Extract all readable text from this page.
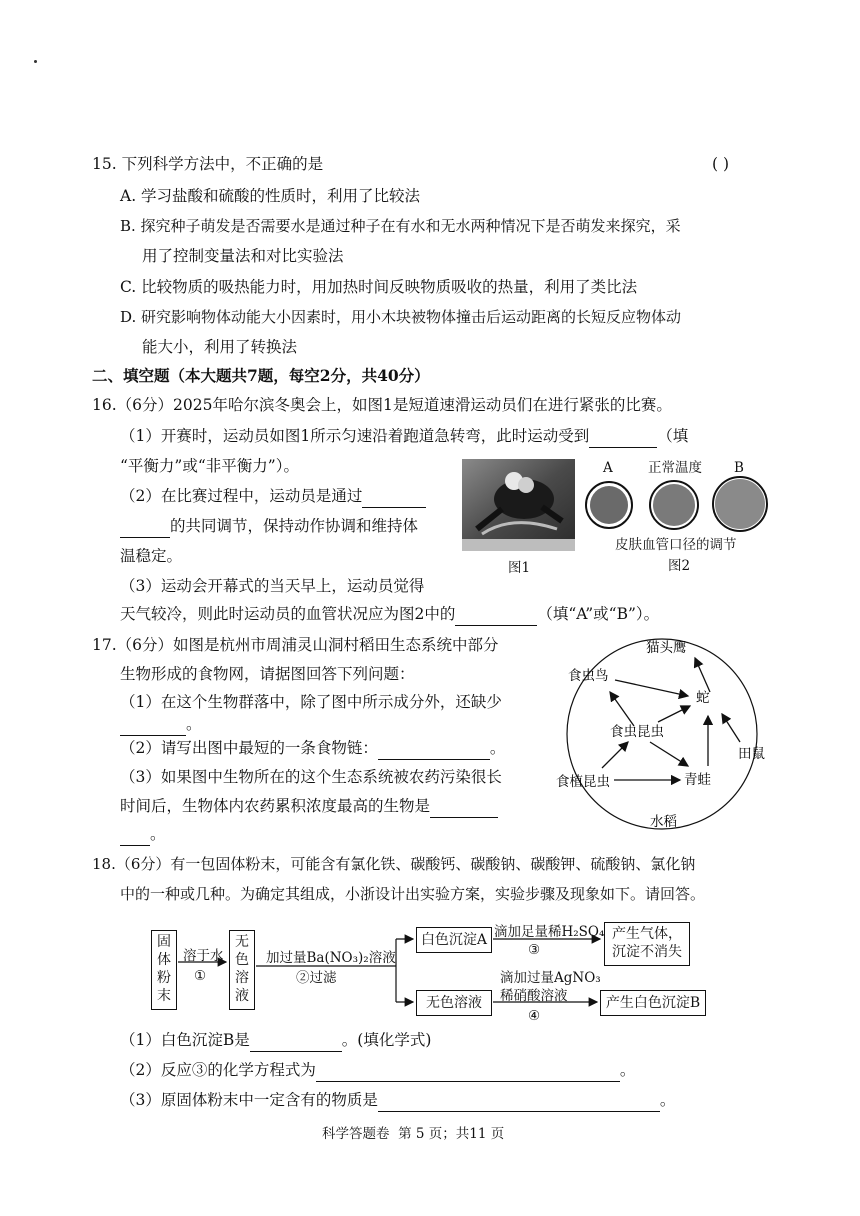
15. 下列科学方法中，不正确的是	( )
A. 学习盐酸和硫酸的性质时，利用了比较法
B. 探究种子萌发是否需要水是通过种子在有水和无水两种情况下是否萌发来探究，采
用了控制变量法和对比实验法
C. 比较物质的吸热能力时，用加热时间反映物质吸收的热量，利用了类比法
D. 研究影响物体动能大小因素时，用小木块被物体撞击后运动距离的长短反应物体动
能大小，利用了转换法
二、填空题（本大题共7题，每空2分，共40分）
16.（6分）2025年哈尔滨冬奥会上，如图1是短道速滑运动员们在进行紧张的比赛。
（1）开赛时，运动员如图1所示匀速沿着跑道急转弯，此时运动受到	（填
“平衡力”或“非平衡力”）。
（2）在比赛过程中，运动员是通过
的共同调节，保持动作协调和维持体
温稳定。
（3）运动会开幕式的当天早上，运动员觉得
天气较冷，则此时运动员的血管状况应为图2中的	（填“A”或“B”）。
图1
A	正常温度 B
皮肤血管口径的调节
图2
17.（6分）如图是杭州市周浦灵山洞村稻田生态系统中部分
生物形成的食物网，请据图回答下列问题：
（1）在这个生物群落中，除了图中所示成分外，还缺少
。
（2）请写出图中最短的一条食物链：	。
（3）如果图中生物所在的这个生态系统被农药污染很长
时间后，生物体内农药累积浓度最高的生物是
。
猫头鹰
食虫鸟
蛇
食虫昆虫
田鼠
食植昆虫	青蛙
水稻
18.（6分）有一包固体粉末，可能含有氯化铁、碳酸钙、碳酸钠、碳酸钾、硫酸钠、氯化钠
中的一种或几种。为确定其组成，小浙设计出实验方案，实验步骤及现象如下。请回答。
固
体
粉
末
溶于水
①
无
色
溶
液
加过量Ba(NO₃)₂溶液
②过滤
白色沉淀A 滴加足量稀H₂SO₄
③
产生气体，
沉淀不消失
无色溶液
滴加过量AgNO₃
稀硝酸溶液
④
产生白色沉淀B
（1）白色沉淀B是	。(填化学式)
（2）反应③的化学方程式为	。
（3）原固体粉末中一定含有的物质是	。
科学答题卷  第 5 页；共11 页
